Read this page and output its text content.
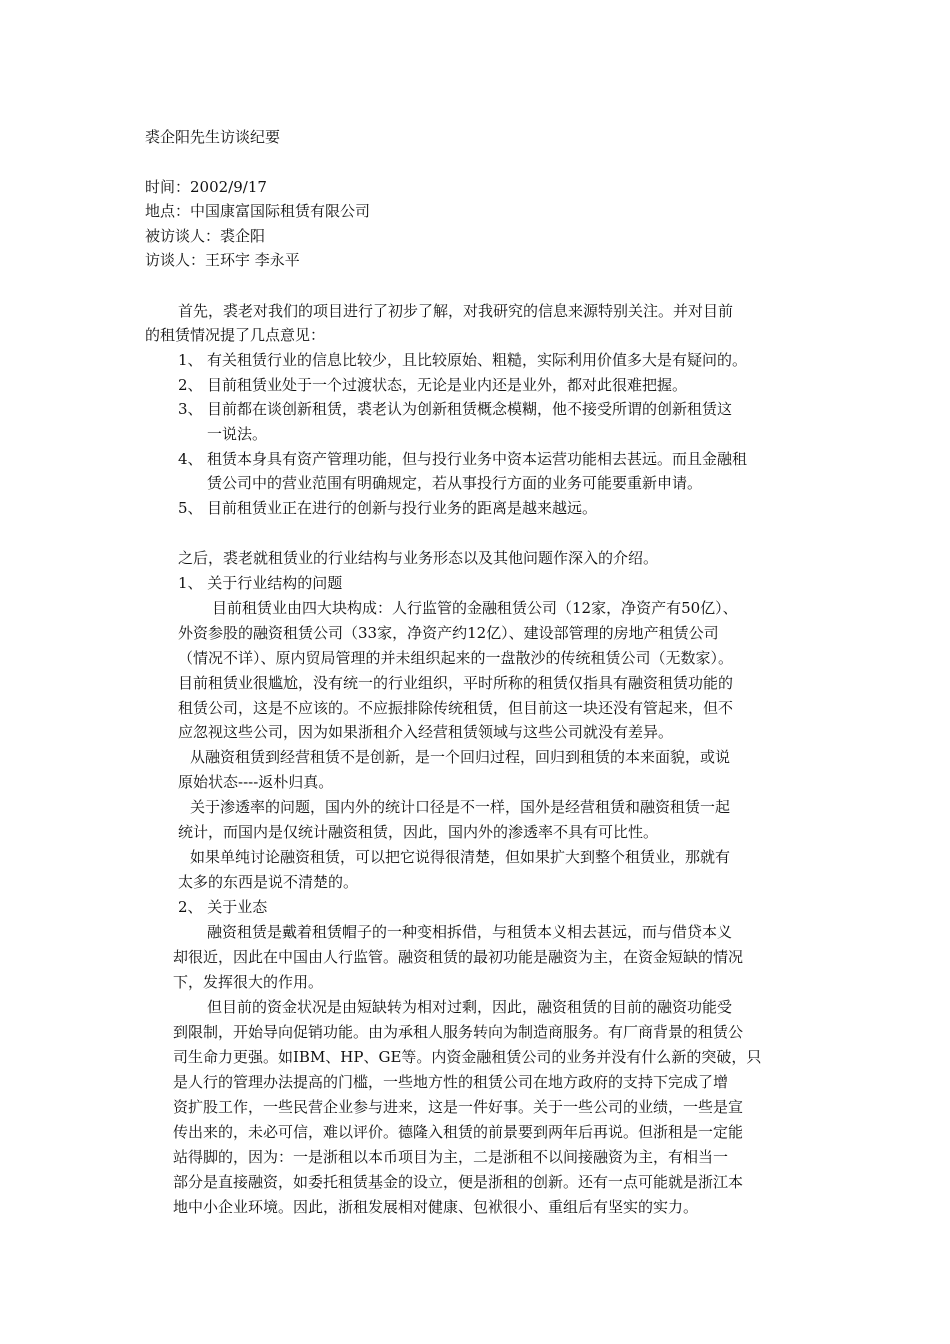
裘企阳先生访谈纪要
时间：2002/9/17
地点：中国康富国际租赁有限公司
被访谈人：裘企阳
访谈人：王环宇 李永平
首先，裘老对我们的项目进行了初步了解，对我研究的信息来源特别关注。并对目前
的租赁情况提了几点意见：
1、 有关租赁行业的信息比较少，且比较原始、粗糙，实际利用价值多大是有疑问的。
2、 目前租赁业处于一个过渡状态，无论是业内还是业外，都对此很难把握。
3、 目前都在谈创新租赁，裘老认为创新租赁概念模糊，他不接受所谓的创新租赁这
一说法。
4、 租赁本身具有资产管理功能，但与投行业务中资本运营功能相去甚远。而且金融租
赁公司中的营业范围有明确规定，若从事投行方面的业务可能要重新申请。
5、 目前租赁业正在进行的创新与投行业务的距离是越来越远。
之后，裘老就租赁业的行业结构与业务形态以及其他问题作深入的介绍。
1、 关于行业结构的问题
目前租赁业由四大块构成：人行监管的金融租赁公司（12家，净资产有50亿）、
外资参股的融资租赁公司（33家，净资产约12亿）、建设部管理的房地产租赁公司
（情况不详）、原内贸局管理的并未组织起来的一盘散沙的传统租赁公司（无数家）。
目前租赁业很尴尬，没有统一的行业组织，平时所称的租赁仅指具有融资租赁功能的
租赁公司，这是不应该的。不应振排除传统租赁，但目前这一块还没有管起来，但不
应忽视这些公司，因为如果浙租介入经营租赁领域与这些公司就没有差异。
从融资租赁到经营租赁不是创新，是一个回归过程，回归到租赁的本来面貌，或说
原始状态----返朴归真。
关于渗透率的问题，国内外的统计口径是不一样，国外是经营租赁和融资租赁一起
统计，而国内是仅统计融资租赁，因此，国内外的渗透率不具有可比性。
如果单纯讨论融资租赁，可以把它说得很清楚，但如果扩大到整个租赁业，那就有
太多的东西是说不清楚的。
2、 关于业态
融资租赁是戴着租赁帽子的一种变相拆借，与租赁本义相去甚远，而与借贷本义
却很近，因此在中国由人行监管。融资租赁的最初功能是融资为主，在资金短缺的情况
下，发挥很大的作用。
但目前的资金状况是由短缺转为相对过剩，因此，融资租赁的目前的融资功能受
到限制，开始导向促销功能。由为承租人服务转向为制造商服务。有厂商背景的租赁公
司生命力更强。如IBM、HP、GE等。内资金融租赁公司的业务并没有什么新的突破，只
是人行的管理办法提高的门槛，一些地方性的租赁公司在地方政府的支持下完成了增
资扩股工作，一些民营企业参与进来，这是一件好事。关于一些公司的业绩，一些是宣
传出来的，未必可信，难以评价。德隆入租赁的前景要到两年后再说。但浙租是一定能
站得脚的，因为：一是浙租以本币项目为主，二是浙租不以间接融资为主，有相当一
部分是直接融资，如委托租赁基金的设立，便是浙租的创新。还有一点可能就是浙江本
地中小企业环境。因此，浙租发展相对健康、包袱很小、重组后有坚实的实力。
